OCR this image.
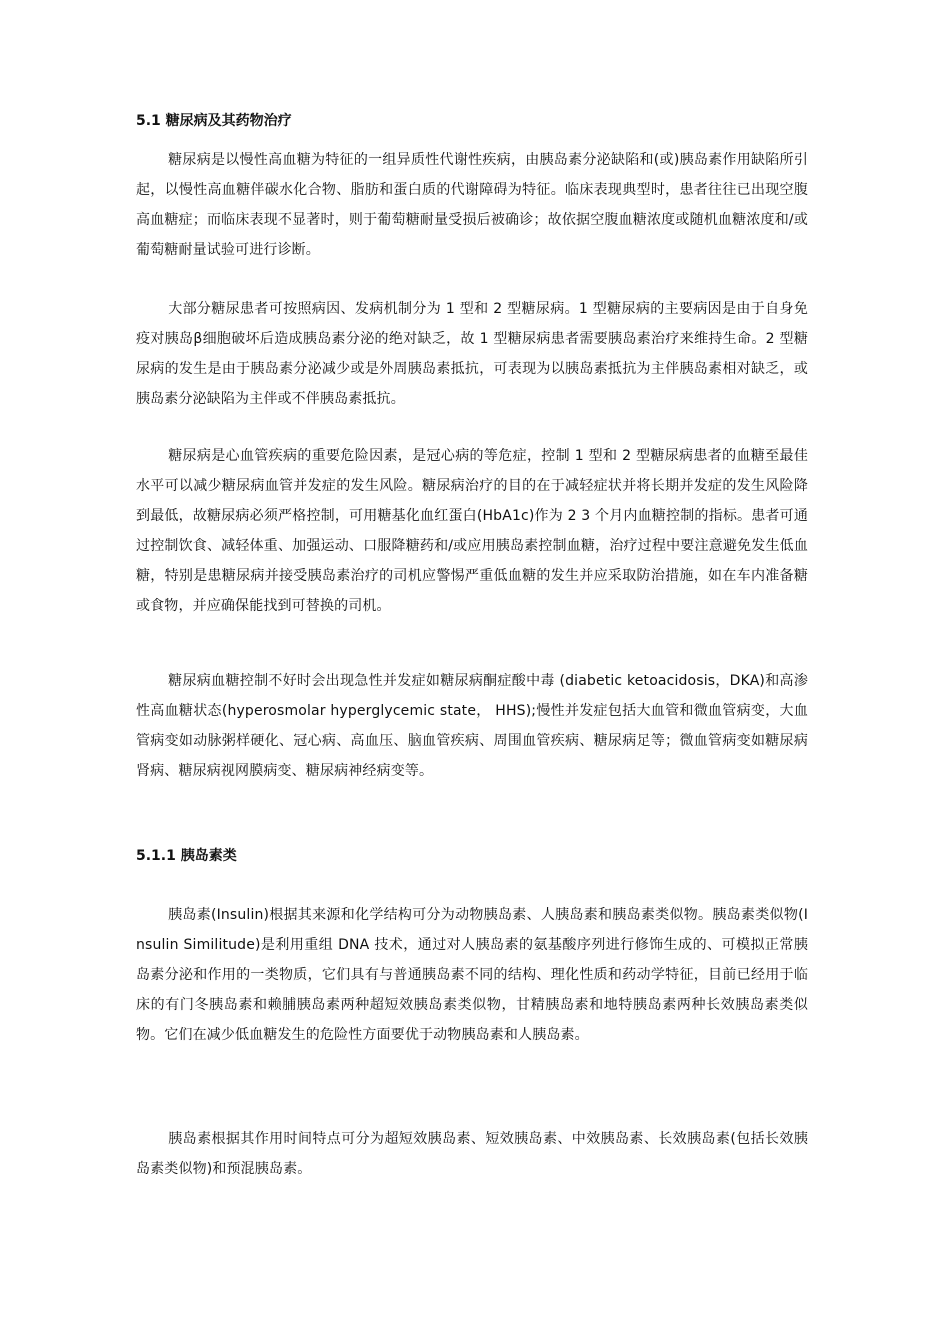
5.1 糖尿病及其药物治疗

糖尿病是以慢性高血糖为特征的一组异质性代谢性疾病，由胰岛素分泌缺陷和(或)胰岛素作用缺陷所引起，以慢性高血糖伴碳水化合物、脂肪和蛋白质的代谢障碍为特征。临床表现典型时，患者往往已出现空腹高血糖症；而临床表现不显著时，则于葡萄糖耐量受损后被确诊；故依据空腹血糖浓度或随机血糖浓度和/或葡萄糖耐量试验可进行诊断。

大部分糖尿患者可按照病因、发病机制分为 1 型和 2 型糖尿病。1 型糖尿病的主要病因是由于自身免疫对胰岛β细胞破坏后造成胰岛素分泌的绝对缺乏，故 1 型糖尿病患者需要胰岛素治疗来维持生命。2 型糖尿病的发生是由于胰岛素分泌减少或是外周胰岛素抵抗，可表现为以胰岛素抵抗为主伴胰岛素相对缺乏，或胰岛素分泌缺陷为主伴或不伴胰岛素抵抗。

糖尿病是心血管疾病的重要危险因素，是冠心病的等危症，控制 1 型和 2 型糖尿病患者的血糖至最佳水平可以减少糖尿病血管并发症的发生风险。糖尿病治疗的目的在于减轻症状并将长期并发症的发生风险降到最低，故糖尿病必须严格控制，可用糖基化血红蛋白(HbA1c)作为 2 3 个月内血糖控制的指标。患者可通过控制饮食、减轻体重、加强运动、口服降糖药和/或应用胰岛素控制血糖，治疗过程中要注意避免发生低血糖，特别是患糖尿病并接受胰岛素治疗的司机应警惕严重低血糖的发生并应采取防治措施，如在车内准备糖或食物，并应确保能找到可替换的司机。

糖尿病血糖控制不好时会出现急性并发症如糖尿病酮症酸中毒 (diabetic ketoacidosis，DKA)和高渗性高血糖状态(hyperosmolar hyperglycemic state， HHS);慢性并发症包括大血管和微血管病变，大血管病变如动脉粥样硬化、冠心病、高血压、脑血管疾病、周围血管疾病、糖尿病足等；微血管病变如糖尿病肾病、糖尿病视网膜病变、糖尿病神经病变等。

5.1.1 胰岛素类

胰岛素(Insulin)根据其来源和化学结构可分为动物胰岛素、人胰岛素和胰岛素类似物。胰岛素类似物(Insulin Similitude)是利用重组 DNA 技术，通过对人胰岛素的氨基酸序列进行修饰生成的、可模拟正常胰岛素分泌和作用的一类物质，它们具有与普通胰岛素不同的结构、理化性质和药动学特征，目前已经用于临床的有门冬胰岛素和赖脯胰岛素两种超短效胰岛素类似物，甘精胰岛素和地特胰岛素两种长效胰岛素类似物。它们在减少低血糖发生的危险性方面要优于动物胰岛素和人胰岛素。

胰岛素根据其作用时间特点可分为超短效胰岛素、短效胰岛素、中效胰岛素、长效胰岛素(包括长效胰岛素类似物)和预混胰岛素。
